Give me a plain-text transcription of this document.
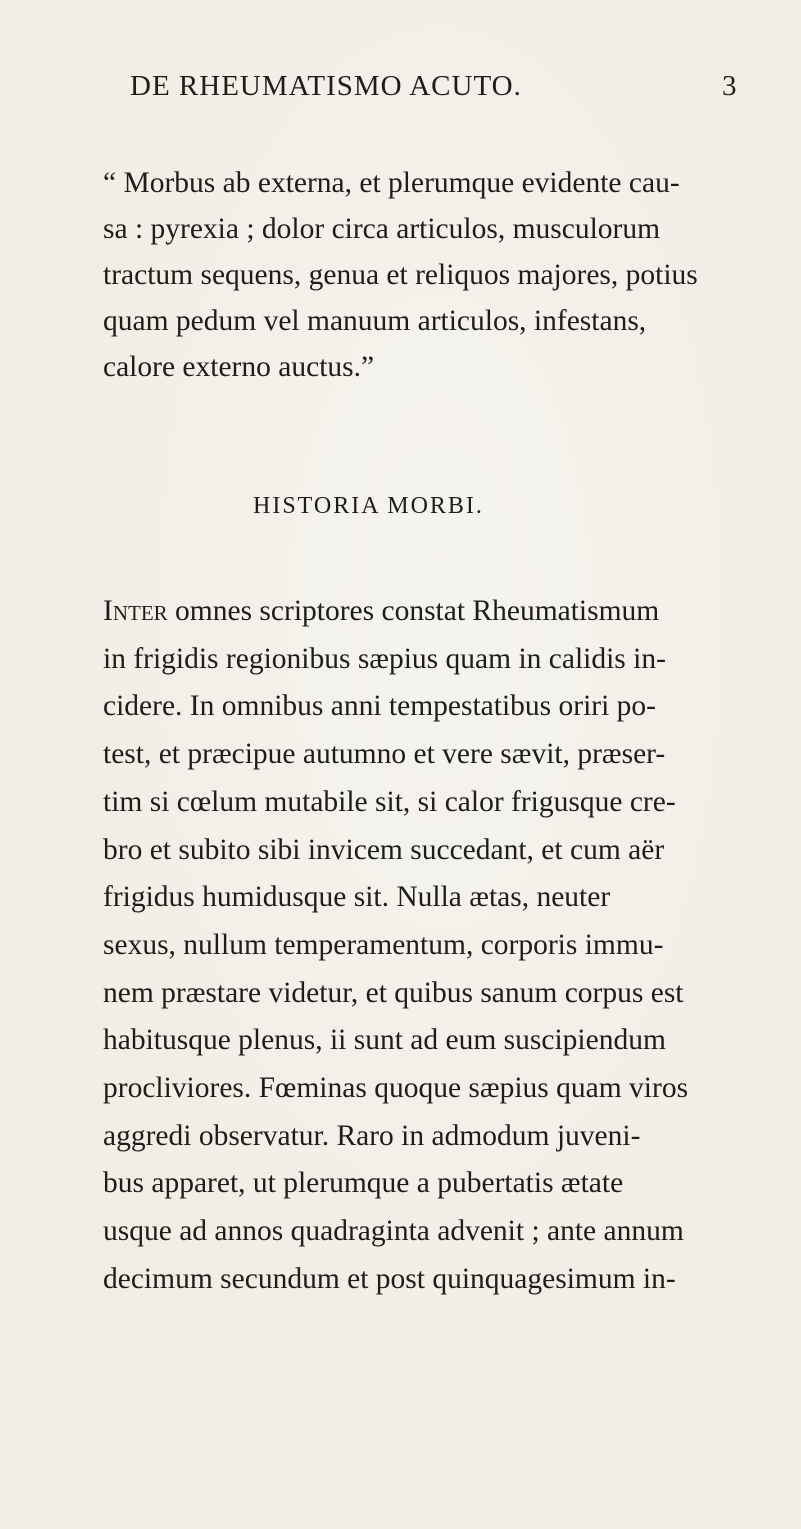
DE RHEUMATISMO ACUTO.	3
“ Morbus ab externa, et plerumque evidente cau-
sa : pyrexia ; dolor circa articulos, musculorum
tractum sequens, genua et reliquos majores, potius
quam pedum vel manuum articulos, infestans,
calore externo auctus.”
HISTORIA MORBI.
Inter omnes scriptores constat Rheumatismum
in frigidis regionibus sæpius quam in calidis in-
cidere. In omnibus anni tempestatibus oriri po-
test, et præcipue autumno et vere sævit, præser-
tim si cœlum mutabile sit, si calor frigusque cre-
bro et subito sibi invicem succedant, et cum aër
frigidus humidusque sit. Nulla ætas, neuter
sexus, nullum temperamentum, corporis immu-
nem præstare videtur, et quibus sanum corpus est
habitusque plenus, ii sunt ad eum suscipiendum
procliviores. Fœminas quoque sæpius quam viros
aggredi observatur. Raro in admodum juveni-
bus apparet, ut plerumque a pubertatis ætate
usque ad annos quadraginta advenit ; ante annum
decimum secundum et post quinquagesimum in-
